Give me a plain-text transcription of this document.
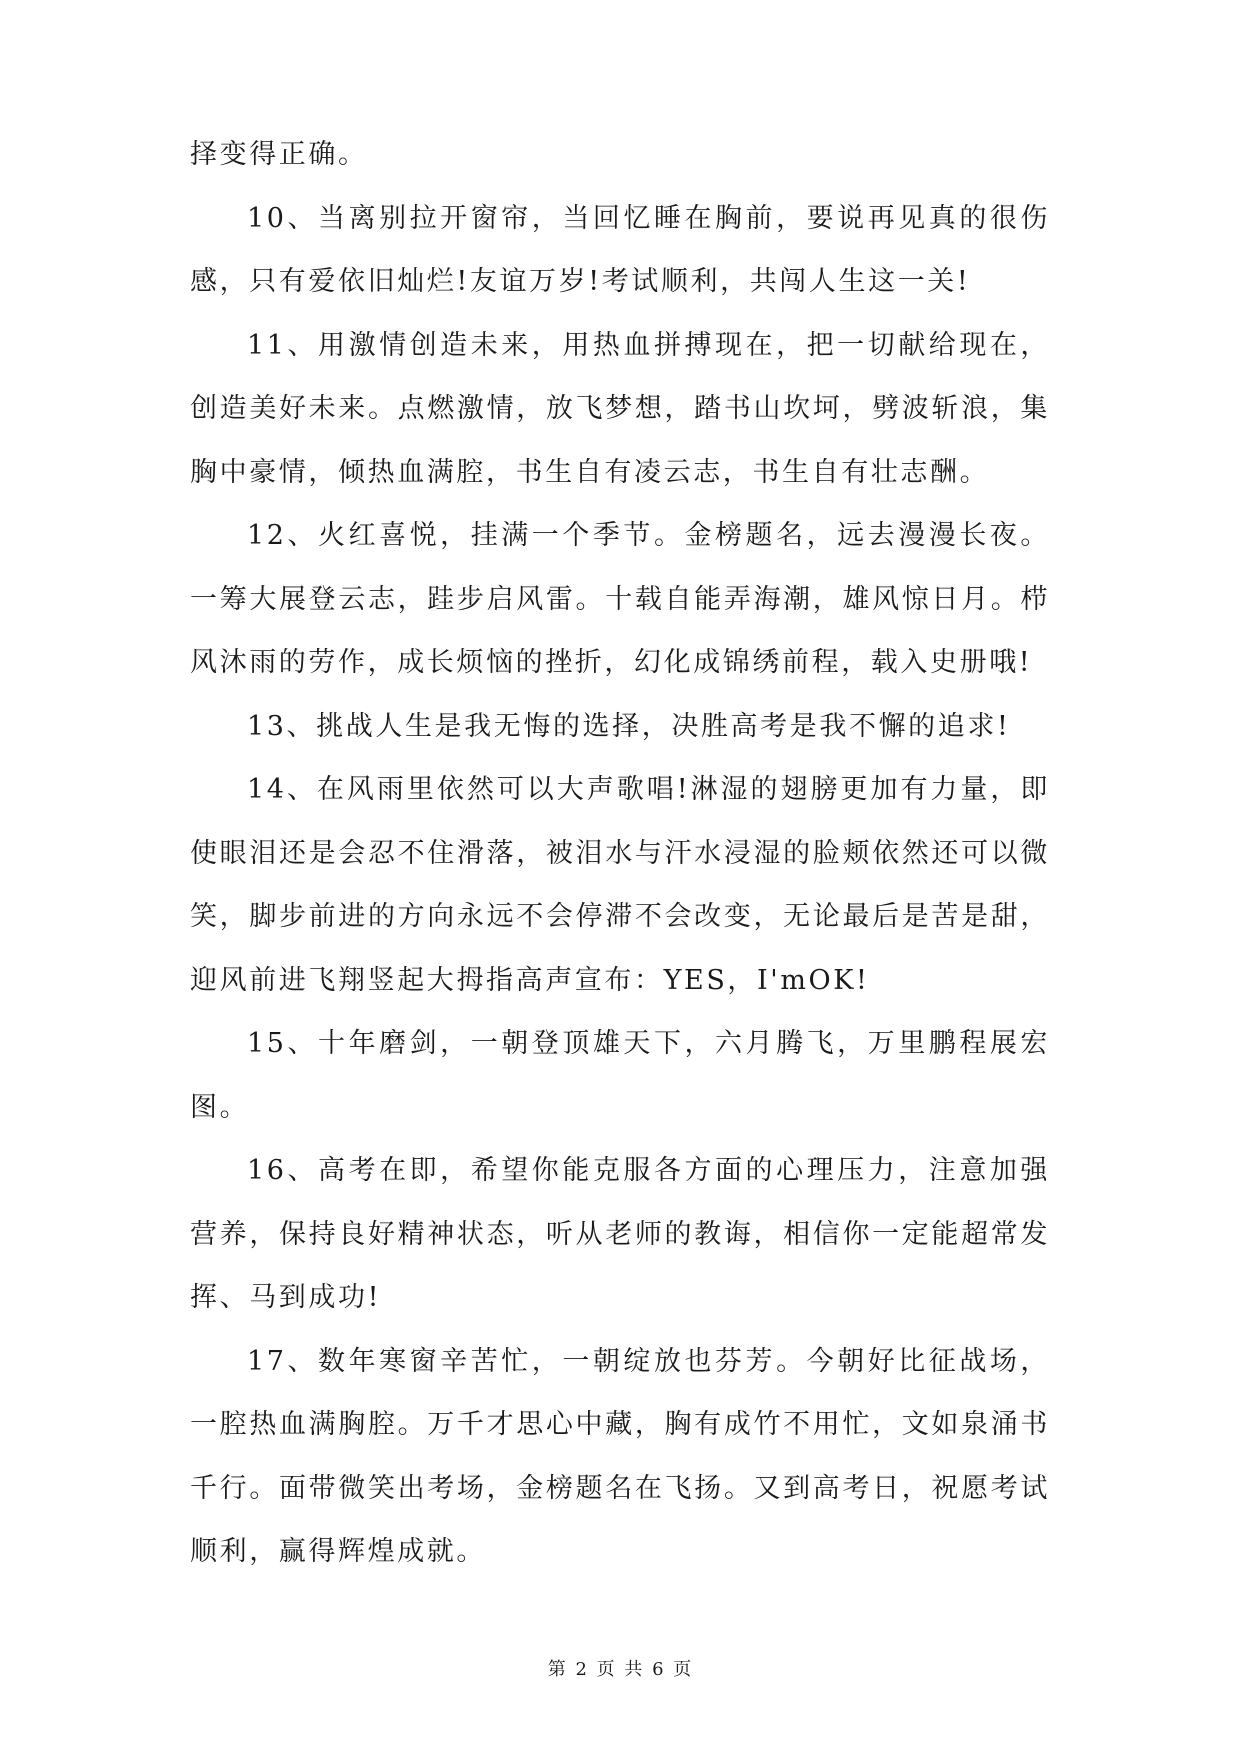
择变得正确。

10、当离别拉开窗帘，当回忆睡在胸前，要说再见真的很伤感，只有爱依旧灿烂!友谊万岁!考试顺利，共闯人生这一关!

11、用激情创造未来，用热血拼搏现在，把一切献给现在，创造美好未来。点燃激情，放飞梦想，踏书山坎坷，劈波斩浪，集胸中豪情，倾热血满腔，书生自有凌云志，书生自有壮志酬。

12、火红喜悦，挂满一个季节。金榜题名，远去漫漫长夜。一筹大展登云志，跬步启风雷。十载自能弄海潮，雄风惊日月。栉风沐雨的劳作，成长烦恼的挫折，幻化成锦绣前程，载入史册哦!

13、挑战人生是我无悔的选择，决胜高考是我不懈的追求!

14、在风雨里依然可以大声歌唱!淋湿的翅膀更加有力量，即使眼泪还是会忍不住滑落，被泪水与汗水浸湿的脸颊依然还可以微笑，脚步前进的方向永远不会停滞不会改变，无论最后是苦是甜，迎风前进飞翔竖起大拇指高声宣布：YES，I'mOK!

15、十年磨剑，一朝登顶雄天下，六月腾飞，万里鹏程展宏图。

16、高考在即，希望你能克服各方面的心理压力，注意加强营养，保持良好精神状态，听从老师的教诲，相信你一定能超常发挥、马到成功!

17、数年寒窗辛苦忙，一朝绽放也芬芳。今朝好比征战场，一腔热血满胸腔。万千才思心中藏，胸有成竹不用忙，文如泉涌书千行。面带微笑出考场，金榜题名在飞扬。又到高考日，祝愿考试顺利，赢得辉煌成就。

第 2 页 共 6 页
